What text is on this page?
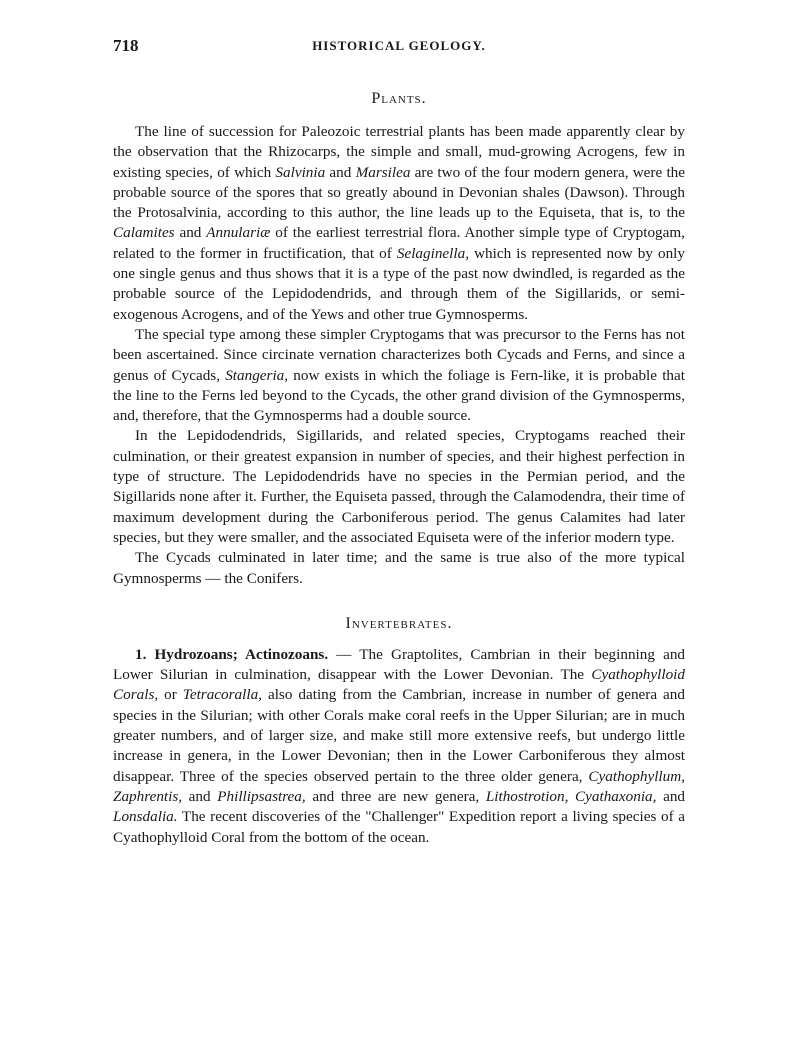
718	HISTORICAL GEOLOGY.
Plants.

The line of succession for Paleozoic terrestrial plants has been made apparently clear by the observation that the Rhizocarps, the simple and small, mud-growing Acrogens, few in existing species, of which Salvinia and Marsilea are two of the four modern genera, were the probable source of the spores that so greatly abound in Devonian shales (Dawson). Through the Protosalvinia, according to this author, the line leads up to the Equiseta, that is, to the Calamites and Annulariæ of the earliest terrestrial flora. Another simple type of Cryptogam, related to the former in fructification, that of Selaginella, which is represented now by only one single genus and thus shows that it is a type of the past now dwindled, is regarded as the probable source of the Lepidodendrids, and through them of the Sigillarids, or semi-exogenous Acrogens, and of the Yews and other true Gymnosperms.

The special type among these simpler Cryptogams that was precursor to the Ferns has not been ascertained. Since circinate vernation characterizes both Cycads and Ferns, and since a genus of Cycads, Stangeria, now exists in which the foliage is Fern-like, it is probable that the line to the Ferns led beyond to the Cycads, the other grand division of the Gymnosperms, and, therefore, that the Gymnosperms had a double source.

In the Lepidodendrids, Sigillarids, and related species, Cryptogams reached their culmination, or their greatest expansion in number of species, and their highest perfection in type of structure. The Lepidodendrids have no species in the Permian period, and the Sigillarids none after it. Further, the Equiseta passed, through the Calamodendra, their time of maximum development during the Carboniferous period. The genus Calamites had later species, but they were smaller, and the associated Equiseta were of the inferior modern type.

The Cycads culminated in later time; and the same is true also of the more typical Gymnosperms — the Conifers.

Invertebrates.

1. Hydrozoans; Actinozoans. — The Graptolites, Cambrian in their beginning and Lower Silurian in culmination, disappear with the Lower Devonian. The Cyathophylloid Corals, or Tetracoralla, also dating from the Cambrian, increase in number of genera and species in the Silurian; with other Corals make coral reefs in the Upper Silurian; are in much greater numbers, and of larger size, and make still more extensive reefs, but undergo little increase in genera, in the Lower Devonian; then in the Lower Carboniferous they almost disappear. Three of the species observed pertain to the three older genera, Cyathophyllum, Zaphrentis, and Phillipsastrea, and three are new genera, Lithostrotion, Cyathaxonia, and Lonsdalia. The recent discoveries of the "Challenger" Expedition report a living species of a Cyathophylloid Coral from the bottom of the ocean.
